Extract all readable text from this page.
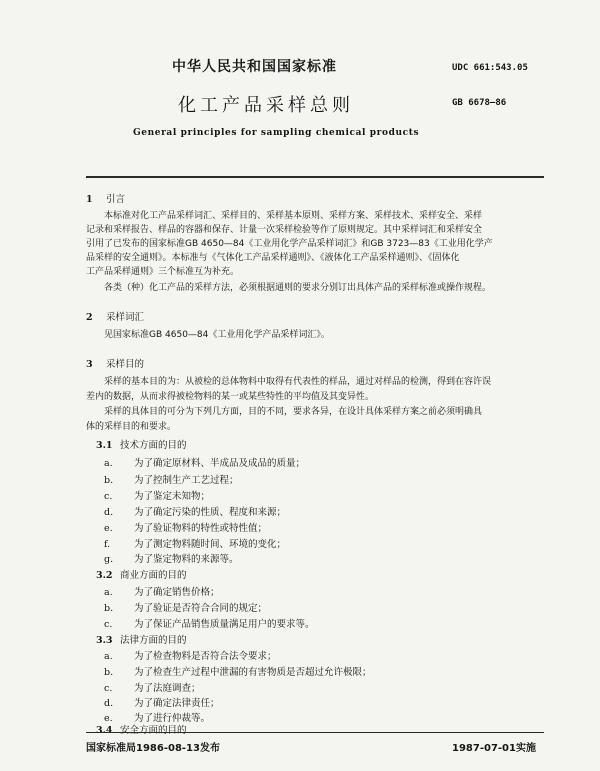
中华人民共和国国家标准	UDC 661:543.05
化工产品采样总则	GB 6678—86
General principles for sampling chemical products
1 引言
本标准对化工产品采样词汇、采样目的、采样基本原则、采样方案、采样技术、采样安全、采样
记录和采样报告、样品的容器和保存、计量一次采样检验等作了原则规定。其中采样词汇和采样安全
引用了已发布的国家标准GB 4650—84《工业用化学产品采样词汇》和GB 3723—83《工业用化学产
品采样的安全通则》。本标准与《气体化工产品采样通则》、《液体化工产品采样通则》、《固体化
工产品采样通则》三个标准互为补充。
各类（种）化工产品的采样方法，必须根据通则的要求分别订出具体产品的采样标准或操作规程。
2 采样词汇
见国家标准GB 4650—84《工业用化学产品采样词汇》。
3 采样目的
采样的基本目的为：从被检的总体物料中取得有代表性的样品，通过对样品的检测，得到在容许误
差内的数据，从而求得被检物料的某一或某些特性的平均值及其变异性。
采样的具体目的可分为下列几方面，目的不同，要求各异，在设计具体采样方案之前必须明确具
体的采样目的和要求。
3.1 技术方面的目的
a. 为了确定原材料、半成品及成品的质量；
b. 为了控制生产工艺过程；
c. 为了鉴定未知物；
d. 为了确定污染的性质、程度和来源；
e. 为了验证物料的特性或特性值；
f.	为了测定物料随时间、环境的变化；
g. 为了鉴定物料的来源等。
3.2 商业方面的目的
a. 为了确定销售价格；
b. 为了验证是否符合合同的规定；
c. 为了保证产品销售质量满足用户的要求等。
3.3 法律方面的目的
a. 为了检查物料是否符合法令要求；
b. 为了检查生产过程中泄漏的有害物质是否超过允许极限；
c. 为了法庭调查；
d. 为了确定法律责任；
e. 为了进行仲裁等。
3.4 安全方面的目的
国家标准局1986-08-13发布	1987-07-01实施
